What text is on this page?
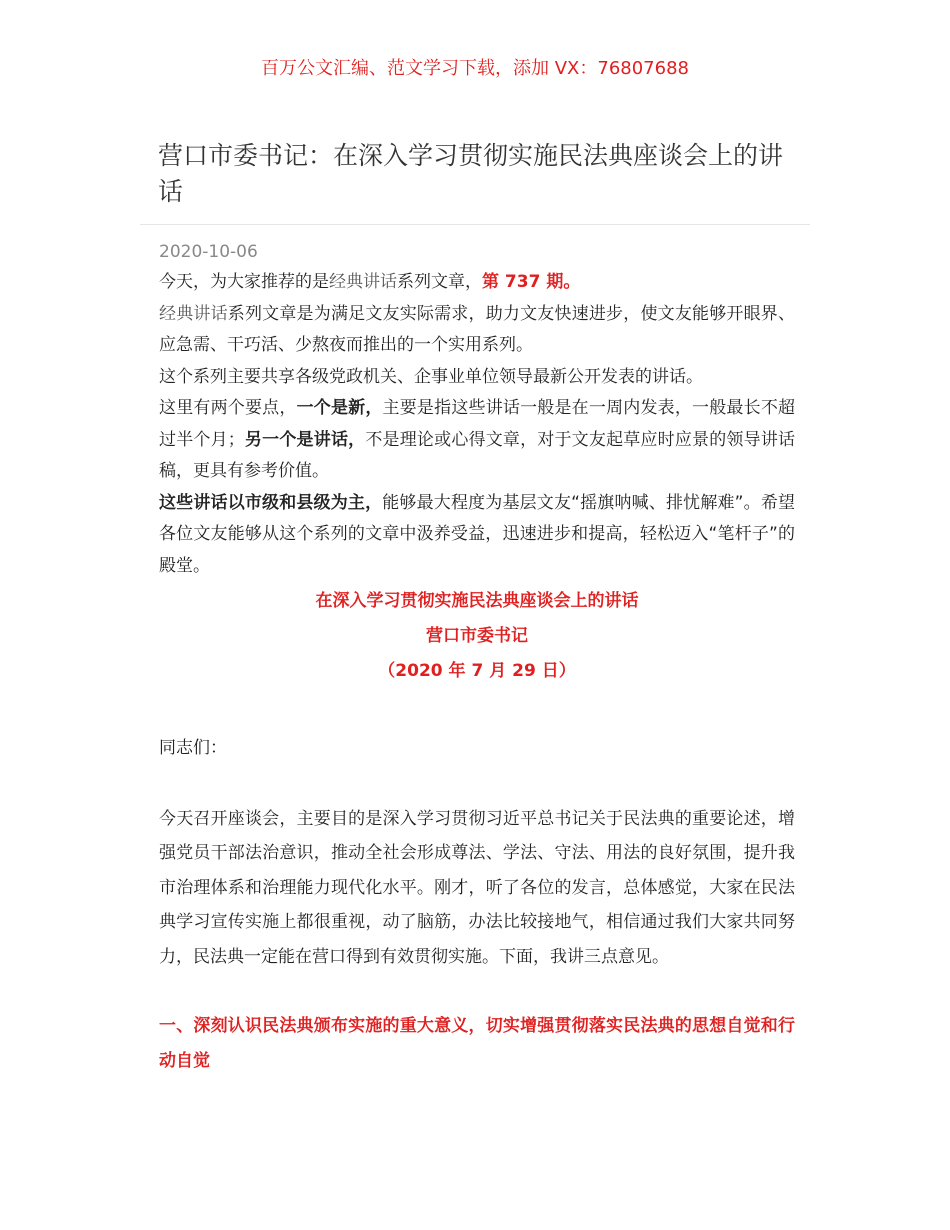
百万公文汇编、范文学习下载，添加 VX：76807688
营口市委书记：在深入学习贯彻实施民法典座谈会上的讲话
2020-10-06

今天，为大家推荐的是经典讲话系列文章，第 737 期。

经典讲话系列文章是为满足文友实际需求，助力文友快速进步，使文友能够开眼界、应急需、干巧活、少熬夜而推出的一个实用系列。

这个系列主要共享各级党政机关、企事业单位领导最新公开发表的讲话。

这里有两个要点，一个是新，主要是指这些讲话一般是在一周内发表，一般最长不超过半个月；另一个是讲话，不是理论或心得文章，对于文友起草应时应景的领导讲话稿，更具有参考价值。

这些讲话以市级和县级为主，能够最大程度为基层文友“摇旗呐喊、排忧解难”。希望各位文友能够从这个系列的文章中汲养受益，迅速进步和提高，轻松迈入“笔杆子”的殿堂。

在深入学习贯彻实施民法典座谈会上的讲话
营口市委书记
（2020 年 7 月 29 日）

同志们：

今天召开座谈会，主要目的是深入学习贯彻习近平总书记关于民法典的重要论述，增强党员干部法治意识，推动全社会形成尊法、学法、守法、用法的良好氛围，提升我市治理体系和治理能力现代化水平。刚才，听了各位的发言，总体感觉，大家在民法典学习宣传实施上都很重视，动了脑筋，办法比较接地气，相信通过我们大家共同努力，民法典一定能在营口得到有效贯彻实施。下面，我讲三点意见。

一、深刻认识民法典颁布实施的重大意义，切实增强贯彻落实民法典的思想自觉和行动自觉
